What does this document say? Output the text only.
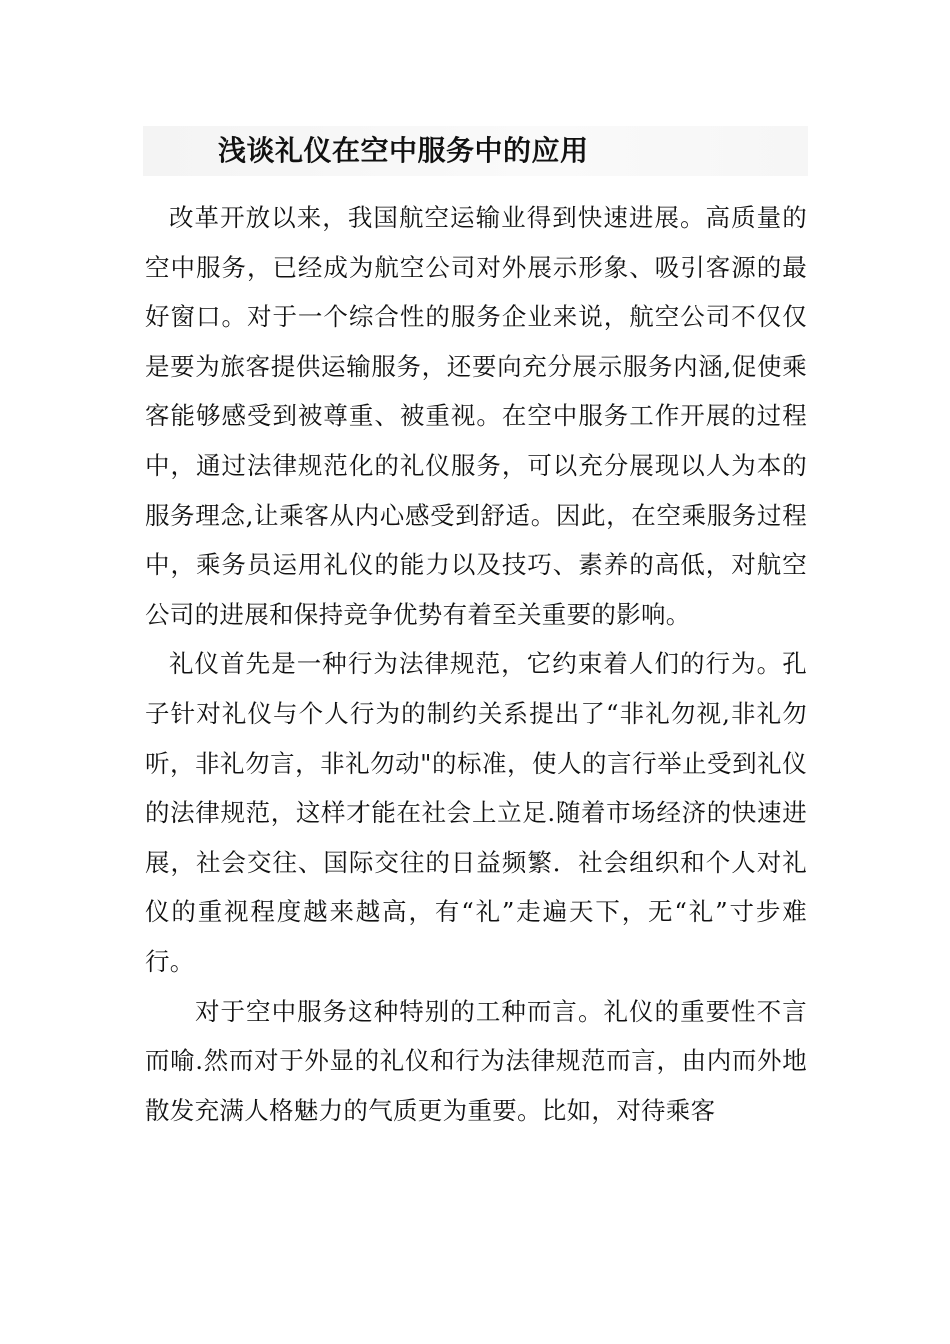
浅谈礼仪在空中服务中的应用

改革开放以来，我国航空运输业得到快速进展。高质量的空中服务，已经成为航空公司对外展示形象、吸引客源的最好窗口。对于一个综合性的服务企业来说，航空公司不仅仅是要为旅客提供运输服务，还要向充分展示服务内涵,促使乘客能够感受到被尊重、被重视。在空中服务工作开展的过程中，通过法律规范化的礼仪服务，可以充分展现以人为本的服务理念,让乘客从内心感受到舒适。因此，在空乘服务过程中，乘务员运用礼仪的能力以及技巧、素养的高低，对航空公司的进展和保持竞争优势有着至关重要的影响。

礼仪首先是一种行为法律规范，它约束着人们的行为。孔子针对礼仪与个人行为的制约关系提出了“非礼勿视,非礼勿听，非礼勿言，非礼勿动"的标准，使人的言行举止受到礼仪的法律规范，这样才能在社会上立足.随着市场经济的快速进展，社会交往、国际交往的日益频繁．社会组织和个人对礼仪的重视程度越来越高，有“礼”走遍天下，无“礼”寸步难行。

对于空中服务这种特别的工种而言。礼仪的重要性不言而喻.然而对于外显的礼仪和行为法律规范而言，由内而外地散发充满人格魅力的气质更为重要。比如，对待乘客
